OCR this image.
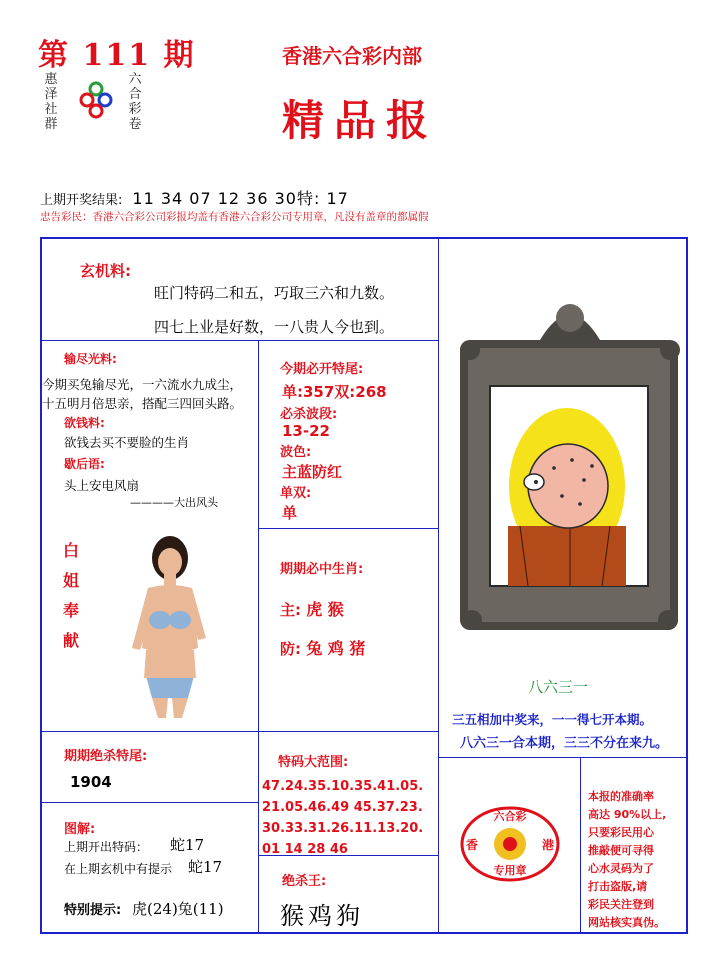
第 111 期
惠泽社群
六合彩卷
香港六合彩内部
精品报
上期开奖结果: 11 34 07 12 36 30特: 17
忠告彩民：香港六合彩公司彩报均盖有香港六合彩公司专用章，凡没有盖章的都属假
玄机料:
旺门特码二和五，巧取三六和九数。
四七上业是好数，一八贵人今也到。
输尽光料:
今期买兔输尽光，一六流水九成尘，
十五明月倍思亲，搭配三四回头路。
欲钱料:
欲钱去买不要脸的生肖
歇后语:
头上安电风扇
————大出风头
今期必开特尾:
单:357双:268
必杀波段:
13-22
波色:
主蓝防红
单双:
单
白姐奉献
期期必中生肖:
主: 虎 猴
防: 兔 鸡 猪
八六三一
三五相加中奖来，一一得七开本期。
八六三一合本期，三三不分在来九。
期期绝杀特尾:
1904
特码大范围:
47.24.35.10.35.41.05.
21.05.46.49 45.37.23.
30.33.31.26.11.13.20.
01 14 28 46
图解:
上期开出特码： 蛇17
在上期玄机中有提示 蛇17
特别提示: 虎(24)兔(11)
绝杀王:
猴鸡狗
六合彩
香	港
专用章
本报的准确率
高达 90%以上,
只要彩民用心
推敲便可寻得
心水灵码为了
打击盗版,请
彩民关注登到
网站核实真伪。
